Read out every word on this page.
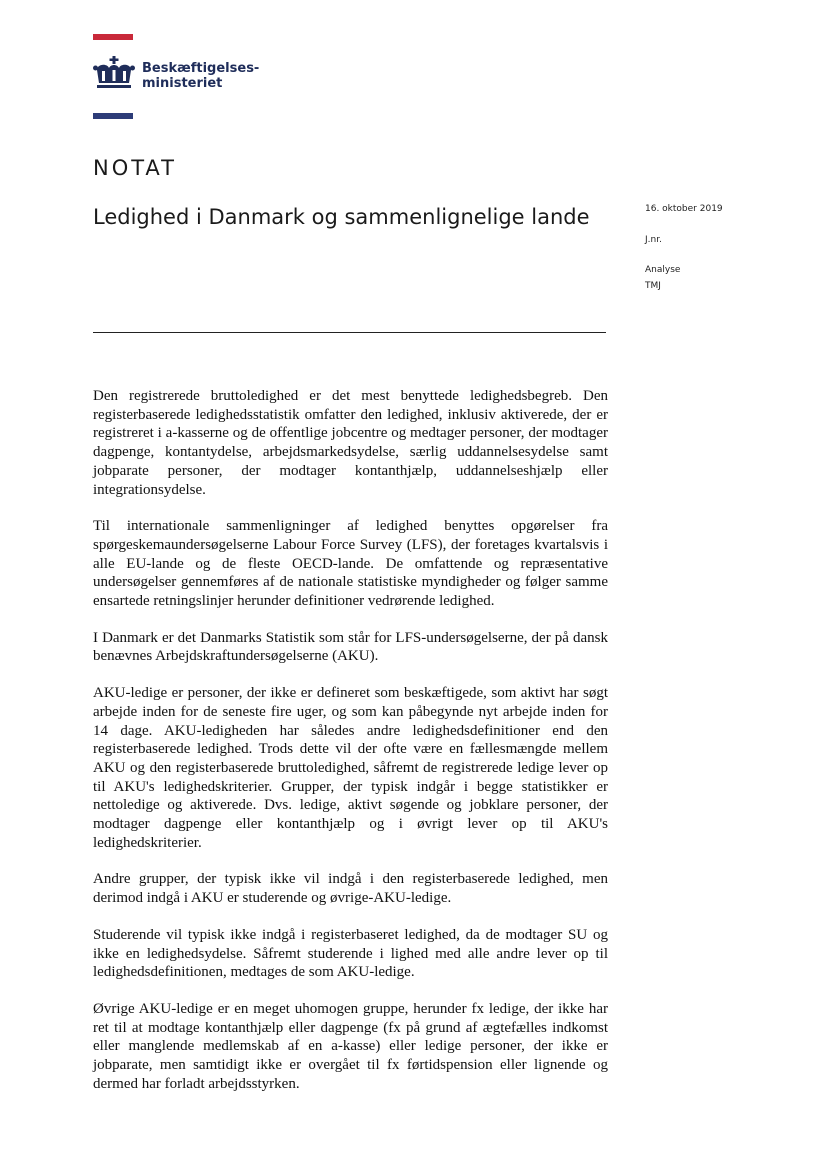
Beskæftigelses-
ministeriet
NOTAT
Ledighed i Danmark og sammenlignelige lande	16. oktober 2019
J.nr.
Analyse
TMJ

Den registrerede bruttoledighed er det mest benyttede ledighedsbegreb. Den registerbaserede ledighedsstatistik omfatter den ledighed, inklusiv aktiverede, der er registreret i a-kasserne og de offentlige jobcentre og medtager personer, der modtager dagpenge, kontantydelse, arbejdsmarkedsydelse, særlig uddannelsesydelse samt jobparate personer, der modtager kontanthjælp, uddannelseshjælp eller integrationsydelse.

Til internationale sammenligninger af ledighed benyttes opgørelser fra spørgeskemaundersøgelserne Labour Force Survey (LFS), der foretages kvartalsvis i alle EU-lande og de fleste OECD-lande. De omfattende og repræsentative undersøgelser gennemføres af de nationale statistiske myndigheder og følger samme ensartede retningslinjer herunder definitioner vedrørende ledighed.

I Danmark er det Danmarks Statistik som står for LFS-undersøgelserne, der på dansk benævnes Arbejdskraftundersøgelserne (AKU).

AKU-ledige er personer, der ikke er defineret som beskæftigede, som aktivt har søgt arbejde inden for de seneste fire uger, og som kan påbegynde nyt arbejde inden for 14 dage. AKU-ledigheden har således andre ledighedsdefinitioner end den registerbaserede ledighed. Trods dette vil der ofte være en fællesmængde mellem AKU og den registerbaserede bruttoledighed, såfremt de registrerede ledige lever op til AKU's ledighedskriterier. Grupper, der typisk indgår i begge statistikker er nettoledige og aktiverede. Dvs. ledige, aktivt søgende og jobklare personer, der modtager dagpenge eller kontanthjælp og i øvrigt lever op til AKU's ledighedskriterier.

Andre grupper, der typisk ikke vil indgå i den registerbaserede ledighed, men derimod indgå i AKU er studerende og øvrige-AKU-ledige.

Studerende vil typisk ikke indgå i registerbaseret ledighed, da de modtager SU og ikke en ledighedsydelse. Såfremt studerende i lighed med alle andre lever op til ledighedsdefinitionen, medtages de som AKU-ledige.

Øvrige AKU-ledige er en meget uhomogen gruppe, herunder fx ledige, der ikke har ret til at modtage kontanthjælp eller dagpenge (fx på grund af ægtefælles indkomst eller manglende medlemskab af en a-kasse) eller ledige personer, der ikke er jobparate, men samtidigt ikke er overgået til fx førtidspension eller lignende og dermed har forladt arbejdsstyrken.
